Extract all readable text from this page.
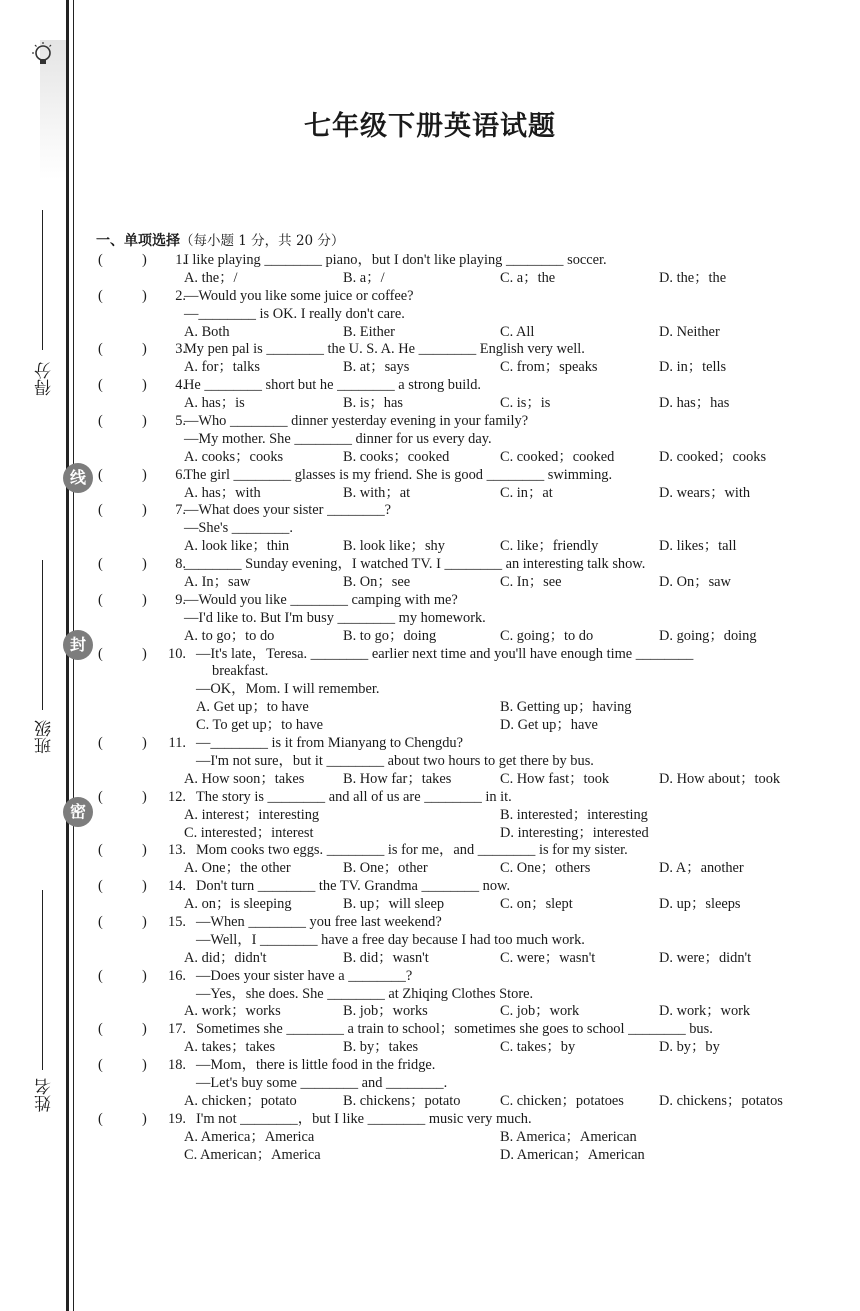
得分
班级
姓名
线
封
密
七年级下册英语试题
一、单项选择（每小题 1 分，共 20 分）
(	)	1.
I like playing ________ piano，but I don't like playing ________ soccer.
A. the；/	B. a；/	C. a；the	D. the；the
(	)	2.
—Would you like some juice or coffee?
—________ is OK. I really don't care.
A. Both	B. Either	C. All	D. Neither
(	)	3.
My pen pal is ________ the U. S. A. He ________ English very well.
A. for；talks	B. at；says	C. from；speaks	D. in；tells
(	)	4.
He ________ short but he ________ a strong build.
A. has；is	B. is；has	C. is；is	D. has；has
(	)	5.
—Who ________ dinner yesterday evening in your family?
—My mother. She ________ dinner for us every day.
A. cooks；cooks	B. cooks；cooked	C. cooked；cooked	D. cooked；cooks
(	)	6.
The girl ________ glasses is my friend. She is good ________ swimming.
A. has；with	B. with；at	C. in；at	D. wears；with
(	)	7.
—What does your sister ________?
—She's ________.
A. look like；thin	B. look like；shy	C. like；friendly	D. likes；tall
(	)	8.
________ Sunday evening，I watched TV. I ________ an interesting talk show.
A. In；saw	B. On；see	C. In；see	D. On；saw
(	)	9.
—Would you like ________ camping with me?
—I'd like to. But I'm busy ________ my homework.
A. to go；to do	B. to go；doing	C. going；to do	D. going；doing
(	)	10. —It's late，Teresa. ________ earlier next time and you'll have enough time ________
breakfast.
—OK，Mom. I will remember.
A. Get up；to have	B. Getting up；having
C. To get up；to have	D. Get up；have
(	)	11. —________ is it from Mianyang to Chengdu?
—I'm not sure，but it ________ about two hours to get there by bus.
A. How soon；takes	B. How far；takes	C. How fast；took	D. How about；took
(	)	12. The story is ________ and all of us are ________ in it.
A. interest；interesting	B. interested；interesting
C. interested；interest	D. interesting；interested
(	)	13. Mom cooks two eggs. ________ is for me，and ________ is for my sister.
A. One；the other	B. One；other	C. One；others	D. A；another
(	)	14. Don't turn ________ the TV. Grandma ________ now.
A. on；is sleeping	B. up；will sleep	C. on；slept	D. up；sleeps
(	)	15. —When ________ you free last weekend?
—Well，I ________ have a free day because I had too much work.
A. did；didn't	B. did；wasn't	C. were；wasn't	D. were；didn't
(	)	16. —Does your sister have a ________?
—Yes，she does. She ________ at Zhiqing Clothes Store.
A. work；works	B. job；works	C. job；work	D. work；work
(	)	17. Sometimes she ________ a train to school；sometimes she goes to school ________ bus.
A. takes；takes	B. by；takes	C. takes；by	D. by；by
(	)	18. —Mom，there is little food in the fridge.
—Let's buy some ________ and ________.
A. chicken；potato	B. chickens；potato	C. chicken；potatoes D. chickens；potatos
(	)	19. I'm not ________，but I like ________ music very much.
A. America；America	B. America；American
C. American；America	D. American；American
